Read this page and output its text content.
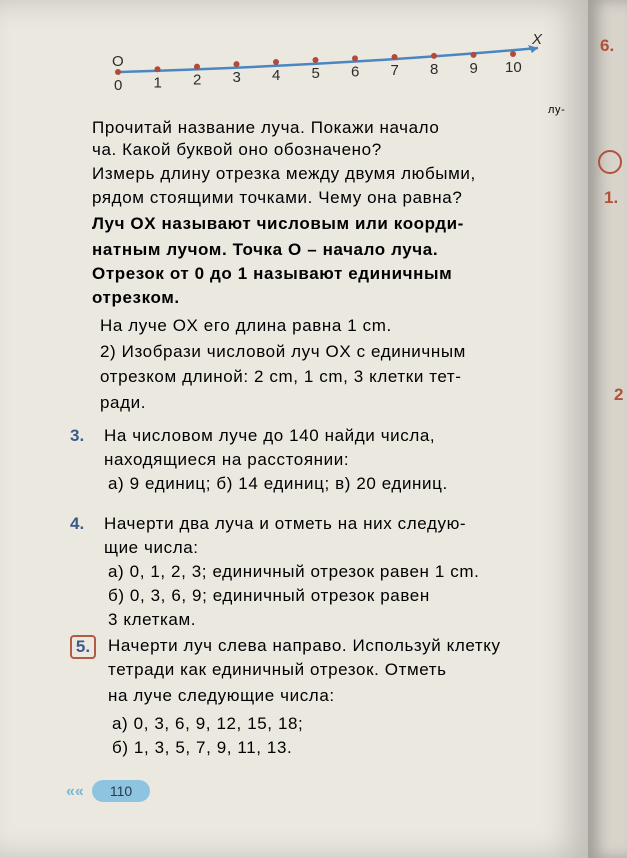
0 1 2 3 4 5 6 7 8 9 10
O
X
Прочитай название луча. Покажи начало
лу-
ча. Какой буквой оно обозначено?
Измерь длину отрезка между двумя любыми,
рядом стоящими точками. Чему она равна?
Луч OX называют числовым или коорди-
натным лучом. Точка O – начало луча.
Отрезок от 0 до 1 называют единичным
отрезком.
На луче OX его длина равна 1 cm.
2) Изобрази числовой луч OX с единичным
отрезком длиной: 2 cm, 1 cm, 3 клетки тет-
ради.
3. На числовом луче до 140 найди числа,
находящиеся на расстоянии:
а) 9 единиц; б) 14 единиц; в) 20 единиц.
4. Начерти два луча и отметь на них следую-
щие числа:
а) 0, 1, 2, 3; единичный отрезок равен 1 cm.
б) 0, 3, 6, 9; единичный отрезок равен
3 клеткам.
5.	Начерти луч слева направо. Используй клетку
тетради как единичный отрезок. Отметь
на луче следующие числа:
а) 0, 3, 6, 9, 12, 15, 18;
б) 1, 3, 5, 7, 9, 11, 13.
««	110
6.
1.
2
